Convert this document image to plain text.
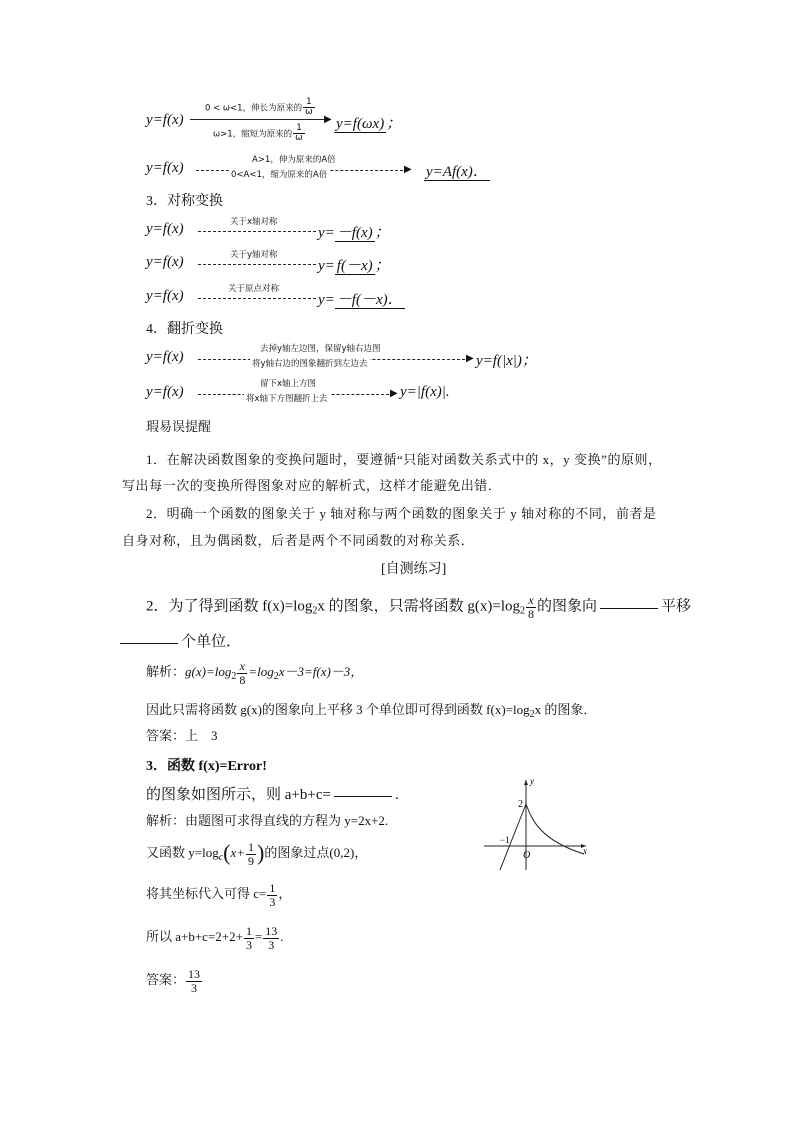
y=f(x)
0 < ω<1，伸长为原来的 $\frac{1}{\omega}$
▶
ω>1，缩短为原来的 $\frac{1}{\omega} y=f(\omega x)$ ；
y=f(x)	▶
A>1，伸为原来的A倍
0<A<1，缩为原来的A倍	y=Af(x)．
3．对称变换
y=f(x)	关于x轴对称
y= －f(x) ；
y=f(x)	关于y轴对称
y= f(－x) ；
y=f(x)	关于原点对称
y= －f(－x)．
4．翻折变换
y=f(x)	▶
去掉y轴左边图，保留y轴右边图
将y轴右边的图象翻折到左边去	y=f(|x|)；
y=f(x)	▶
留下x轴上方图
将x轴下方图翻折上去	y=|f(x)|.
瑕易误提醒
1．在解决函数图象的变换问题时，要遵循“只能对函数关系式中的 x，y 变换”的原则，
写出每一次的变换所得图象对应的解析式，这样才能避免出错．
2．明确一个函数的图象关于 y 轴对称与两个函数的图象关于 y 轴对称的不同，前者是
自身对称，且为偶函数，后者是两个不同函数的对称关系．
[自测练习]
2．为了得到函数 $f(x)=\log_2x$ 的图象，只需将函数 $g(x)=\log_2 \frac{x}{8}$ 的图象向	平移
个单位．
解析：$g(x)=\log_2 \frac{x}{8} =\log_2x-3=f(x)-3$，
因此只需将函数 g(x)的图象向上平移 3 个单位即可得到函数 $f(x)=\log_2x$ 的图象．
答案：上　3
3．函数 f(x)=Error!
的图象如图所示，则 a+b+c=	.
解析：由题图可求得直线的方程为 y=2x+2.
又函数 $y=\log_c(x+ \frac{1}{9}$ )的图象过点(0,2)，
将其坐标代入可得 $c= \frac{1}{3}$ ，
所以 $a+b+c=2+2+ \frac{1}{3} = \frac{13}{3}$ .
答案： $\frac{13}{3}$
y
x
2
−1
O
